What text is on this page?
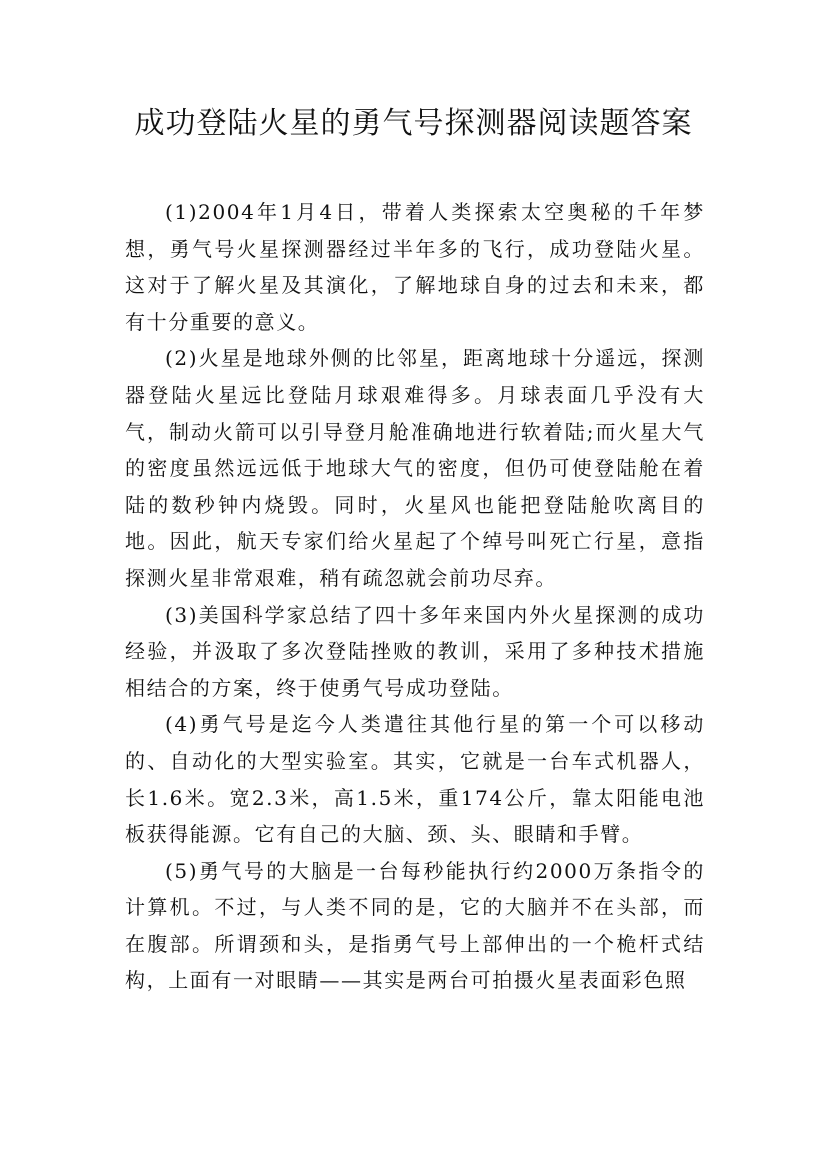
成功登陆火星的勇气号探测器阅读题答案

(1)2004年1月4日，带着人类探索太空奥秘的千年梦想，勇气号火星探测器经过半年多的飞行，成功登陆火星。这对于了解火星及其演化，了解地球自身的过去和未来，都有十分重要的意义。

(2)火星是地球外侧的比邻星，距离地球十分遥远，探测器登陆火星远比登陆月球艰难得多。月球表面几乎没有大气，制动火箭可以引导登月舱准确地进行软着陆;而火星大气的密度虽然远远低于地球大气的密度，但仍可使登陆舱在着陆的数秒钟内烧毁。同时，火星风也能把登陆舱吹离目的地。因此，航天专家们给火星起了个绰号叫死亡行星，意指探测火星非常艰难，稍有疏忽就会前功尽弃。

(3)美国科学家总结了四十多年来国内外火星探测的成功经验，并汲取了多次登陆挫败的教训，采用了多种技术措施相结合的方案，终于使勇气号成功登陆。

(4)勇气号是迄今人类遣往其他行星的第一个可以移动的、自动化的大型实验室。其实，它就是一台车式机器人，长1.6米。宽2.3米，高1.5米，重174公斤，靠太阳能电池板获得能源。它有自己的大脑、颈、头、眼睛和手臂。

(5)勇气号的大脑是一台每秒能执行约2000万条指令的计算机。不过，与人类不同的是，它的大脑并不在头部，而在腹部。所谓颈和头，是指勇气号上部伸出的一个桅杆式结构，上面有一对眼睛——其实是两台可拍摄火星表面彩色照
